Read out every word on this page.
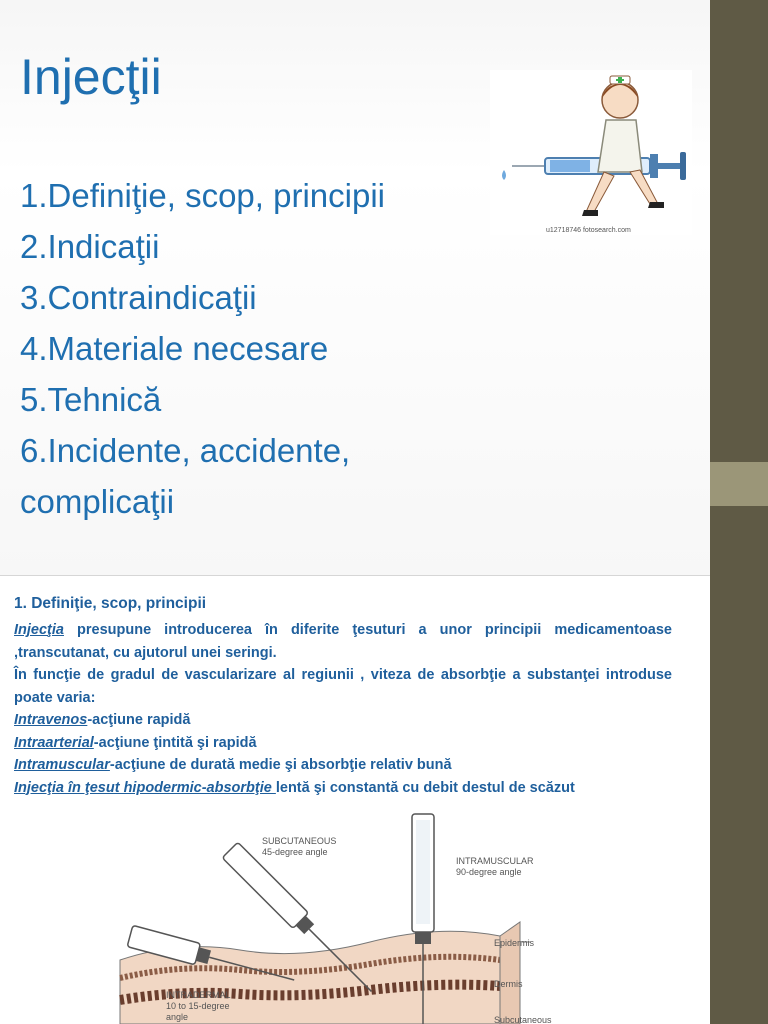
Injecţii
1.Definiţie, scop, principii
2.Indicaţii
3.Contraindicaţii
4.Materiale necesare
5.Tehnică
6.Incidente, accidente,
complicaţii
u12718746 fotosearch.com
1. Definiţie, scop, principii

Injecţia presupune introducerea în diferite ţesuturi a unor principii medicamentoase ,transcutanat, cu ajutorul unei seringi.

În funcţie de gradul de vascularizare al regiunii , viteza de absorbţie a substanţei introduse poate varia:

Intravenos-acţiune rapidă

Intraarterial-acţiune ţintită şi rapidă

Intramuscular-acţiune de durată medie şi absorbţie relativ bună

Injecţia în ţesut hipodermic-absorbţie lentă şi constantă cu debit destul de scăzut

SUBCUTANEOUS
45-degree angle
INTRAMUSCULAR
90-degree angle
INTRADERMAL
10 to 15-degree
angle
Epidermis
Dermis
Subcutaneous
